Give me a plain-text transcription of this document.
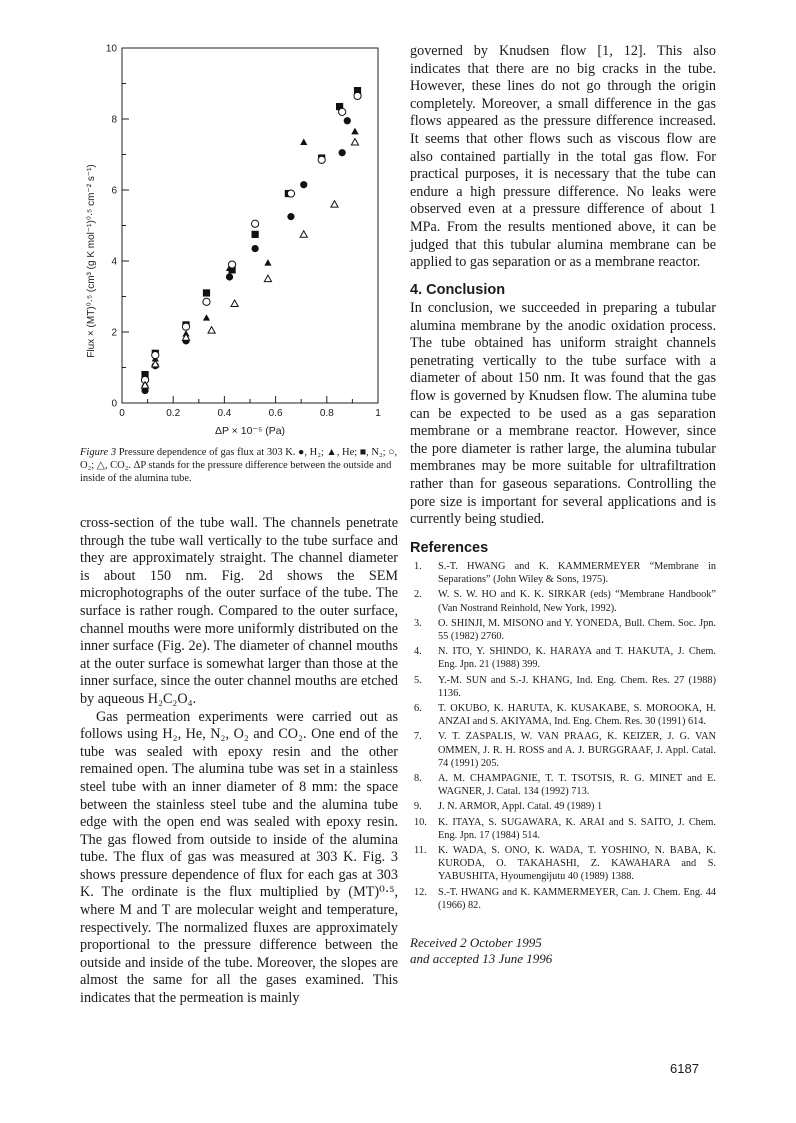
0	0.2	0.4	0.6	0.8	1
0
2
4
6
8
10
Flux × (MT)⁰·⁵ (cm³ (g K mol⁻¹)⁰·⁵ cm⁻² s⁻¹)
ΔP × 10⁻⁵ (Pa)
Figure 3 Pressure dependence of gas flux at 303 K. ●, H₂; ▲, He; ■, N₂; ○, O₂; △, CO₂. ΔP stands for the pressure difference between the outside and inside of the alumina tube.

cross-section of the tube wall. The channels penetrate through the tube wall vertically to the tube surface and they are approximately straight. The channel diameter is about 150 nm. Fig. 2d shows the SEM microphotographs of the outer surface of the tube. The surface is rather rough. Compared to the outer surface, channel mouths were more uniformly distributed on the inner surface (Fig. 2e). The diameter of channel mouths at the outer surface is somewhat larger than those at the inner surface, since the outer channel mouths are etched by aqueous H₂C₂O₄.

Gas permeation experiments were carried out as follows using H₂, He, N₂, O₂ and CO₂. One end of the tube was sealed with epoxy resin and the other remained open. The alumina tube was set in a stainless steel tube with an inner diameter of 8 mm: the space between the stainless steel tube and the alumina tube edge with the open end was sealed with epoxy resin. The gas flowed from outside to inside of the alumina tube. The flux of gas was measured at 303 K. Fig. 3 shows pressure dependence of flux for each gas at 303 K. The ordinate is the flux multiplied by (MT)⁰·⁵, where M and T are molecular weight and temperature, respectively. The normalized fluxes are approximately proportional to the pressure difference between the outside and inside of the tube. Moreover, the slopes are almost the same for all the gases examined. This indicates that the permeation is mainly

governed by Knudsen flow [1, 12]. This also indicates that there are no big cracks in the tube. However, these lines do not go through the origin completely. Moreover, a small difference in the gas flows appeared as the pressure difference increased. It seems that other flows such as viscous flow are also contained partially in the total gas flow. For practical purposes, it is necessary that the tube can endure a high pressure difference. No leaks were observed even at a pressure difference of about 1 MPa. From the results mentioned above, it can be judged that this tubular alumina membrane can be applied to gas separation or as a membrane reactor.

4. Conclusion

In conclusion, we succeeded in preparing a tubular alumina membrane by the anodic oxidation process. The tube obtained has uniform straight channels penetrating vertically to the tube surface with a diameter of about 150 nm. It was found that the gas flow is governed by Knudsen flow. The alumina tube can be expected to be used as a gas separation membrane or a membrane reactor. However, since the pore diameter is rather large, the alumina tubular membranes may be more suitable for ultrafiltration rather than for gaseous separations. Controlling the pore size is important for several applications and is currently being studied.

References
1.	S.-T. HWANG and K. KAMMERMEYER “Membrane in Separations” (John Wiley & Sons, 1975).
2.	W. S. W. HO and K. K. SIRKAR (eds) “Membrane Handbook” (Van Nostrand Reinhold, New York, 1992).
3.	O. SHINJI, M. MISONO and Y. YONEDA, Bull. Chem. Soc. Jpn. 55 (1982) 2760.
4.	N. ITO, Y. SHINDO, K. HARAYA and T. HAKUTA, J. Chem. Eng. Jpn. 21 (1988) 399.
5.	Y.-M. SUN and S.-J. KHANG, Ind. Eng. Chem. Res. 27 (1988) 1136.
6.	T. OKUBO, K. HARUTA, K. KUSAKABE, S. MOROOKA, H. ANZAI and S. AKIYAMA, Ind. Eng. Chem. Res. 30 (1991) 614.
7.	V. T. ZASPALIS, W. VAN PRAAG, K. KEIZER, J. G. VAN OMMEN, J. R. H. ROSS and A. J. BURGGRAAF, J. Appl. Catal. 74 (1991) 205.
8.	A. M. CHAMPAGNIE, T. T. TSOTSIS, R. G. MINET and E. WAGNER, J. Catal. 134 (1992) 713.
9.	J. N. ARMOR, Appl. Catal. 49 (1989) 1
10.	K. ITAYA, S. SUGAWARA, K. ARAI and S. SAITO, J. Chem. Eng. Jpn. 17 (1984) 514.
11.	K. WADA, S. ONO, K. WADA, T. YOSHINO, N. BABA, K. KURODA, O. TAKAHASHI, Z. KAWAHARA and S. YABUSHITA, Hyoumengijutu 40 (1989) 1388.
12.	S.-T. HWANG and K. KAMMERMEYER, Can. J. Chem. Eng. 44 (1966) 82.
Received 2 October 1995
and accepted 13 June 1996
6187
